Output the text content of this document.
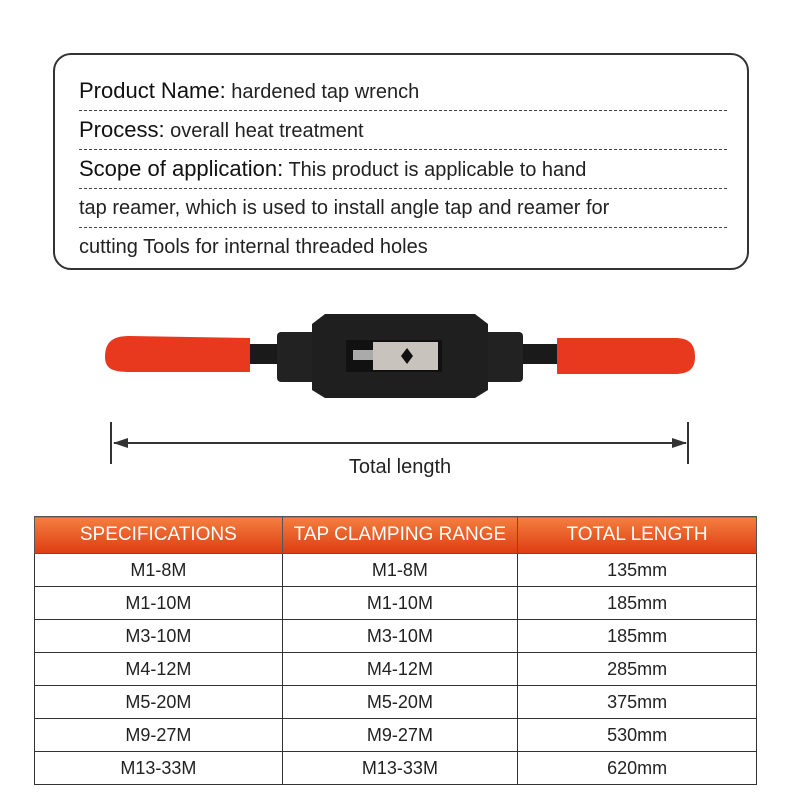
Product Name: hardened tap wrench
Process: overall heat treatment
Scope of application: This product is applicable to hand
tap reamer, which is used to install angle tap and reamer for
cutting Tools for internal threaded holes
Total length
SPECIFICATIONS	TAP CLAMPING RANGE	TOTAL LENGTH
M1-8M	M1-8M	135mm
M1-10M	M1-10M	185mm
M3-10M	M3-10M	185mm
M4-12M	M4-12M	285mm
M5-20M	M5-20M	375mm
M9-27M	M9-27M	530mm
M13-33M	M13-33M	620mm
